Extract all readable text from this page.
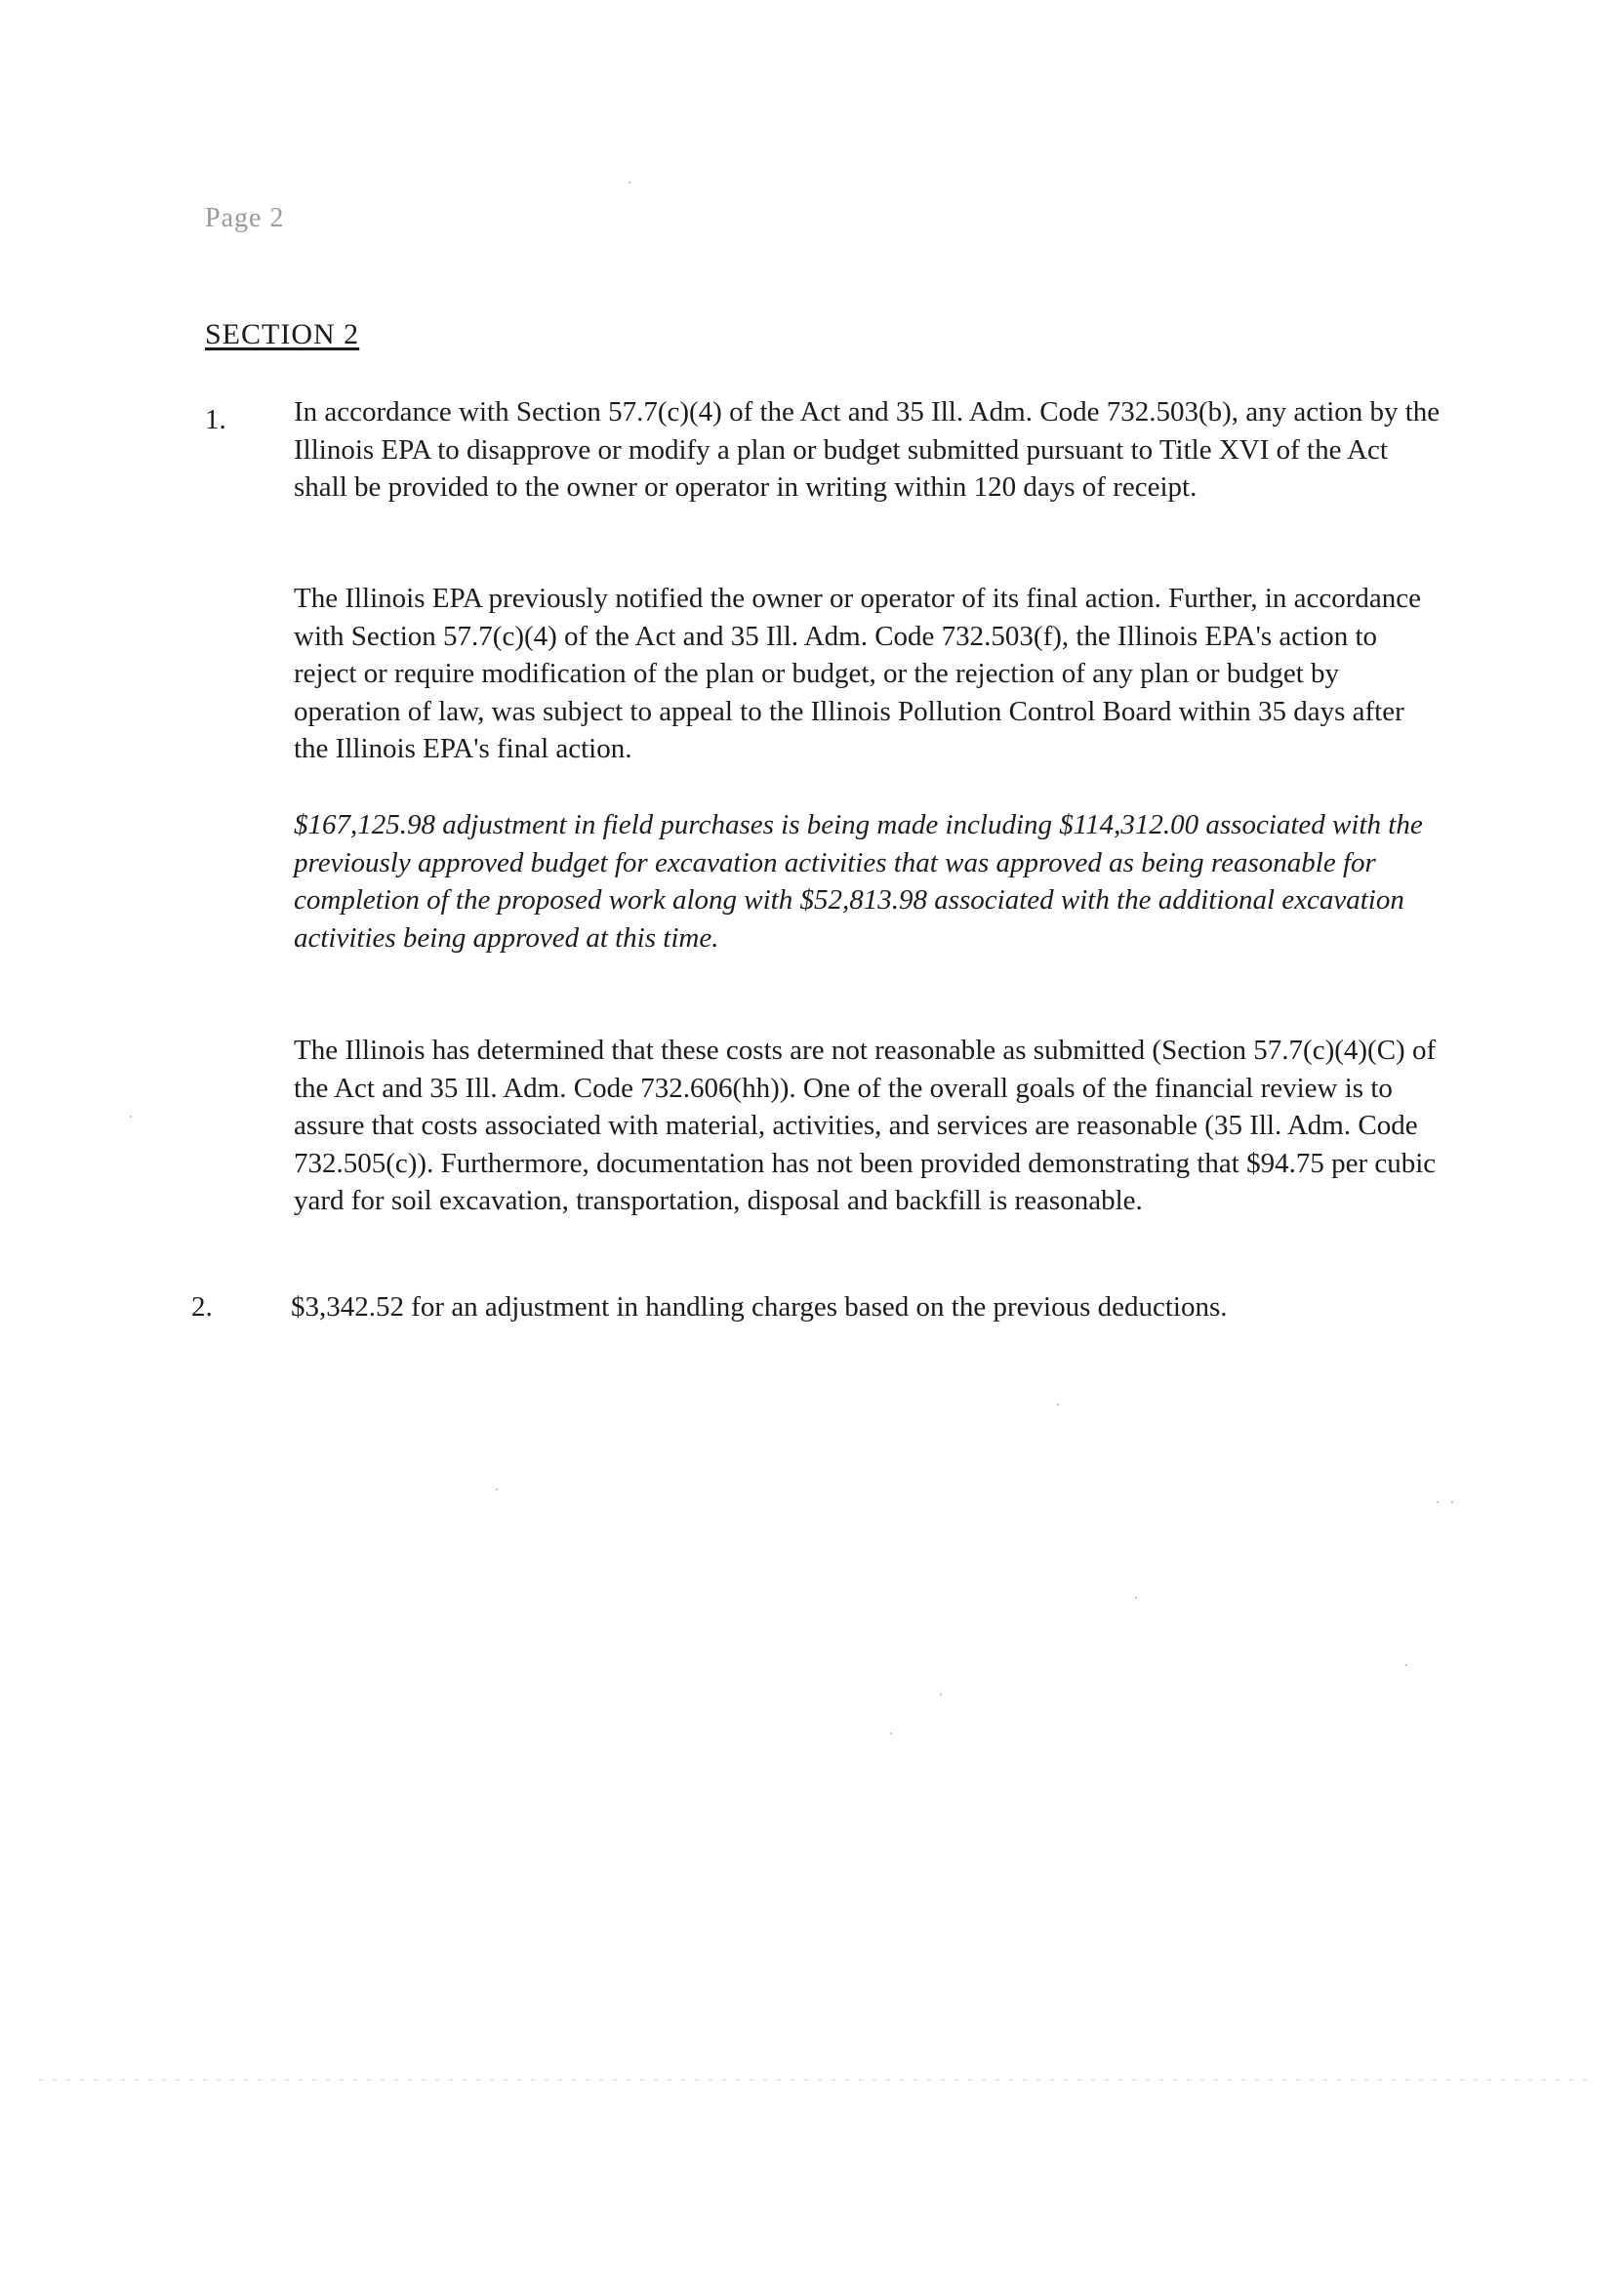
Page 2
SECTION 2
1. In accordance with Section 57.7(c)(4) of the Act and 35 Ill. Adm. Code 732.503(b), any action by the Illinois EPA to disapprove or modify a plan or budget submitted pursuant to Title XVI of the Act shall be provided to the owner or operator in writing within 120 days of receipt.

The Illinois EPA previously notified the owner or operator of its final action. Further, in accordance with Section 57.7(c)(4) of the Act and 35 Ill. Adm. Code 732.503(f), the Illinois EPA's action to reject or require modification of the plan or budget, or the rejection of any plan or budget by operation of law, was subject to appeal to the Illinois Pollution Control Board within 35 days after the Illinois EPA's final action.

$167,125.98 adjustment in field purchases is being made including $114,312.00 associated with the previously approved budget for excavation activities that was approved as being reasonable for completion of the proposed work along with $52,813.98 associated with the additional excavation activities being approved at this time.

The Illinois has determined that these costs are not reasonable as submitted (Section 57.7(c)(4)(C) of the Act and 35 Ill. Adm. Code 732.606(hh)). One of the overall goals of the financial review is to assure that costs associated with material, activities, and services are reasonable (35 Ill. Adm. Code 732.505(c)). Furthermore, documentation has not been provided demonstrating that $94.75 per cubic yard for soil excavation, transportation, disposal and backfill is reasonable.

2.	$3,342.52 for an adjustment in handling charges based on the previous deductions.
